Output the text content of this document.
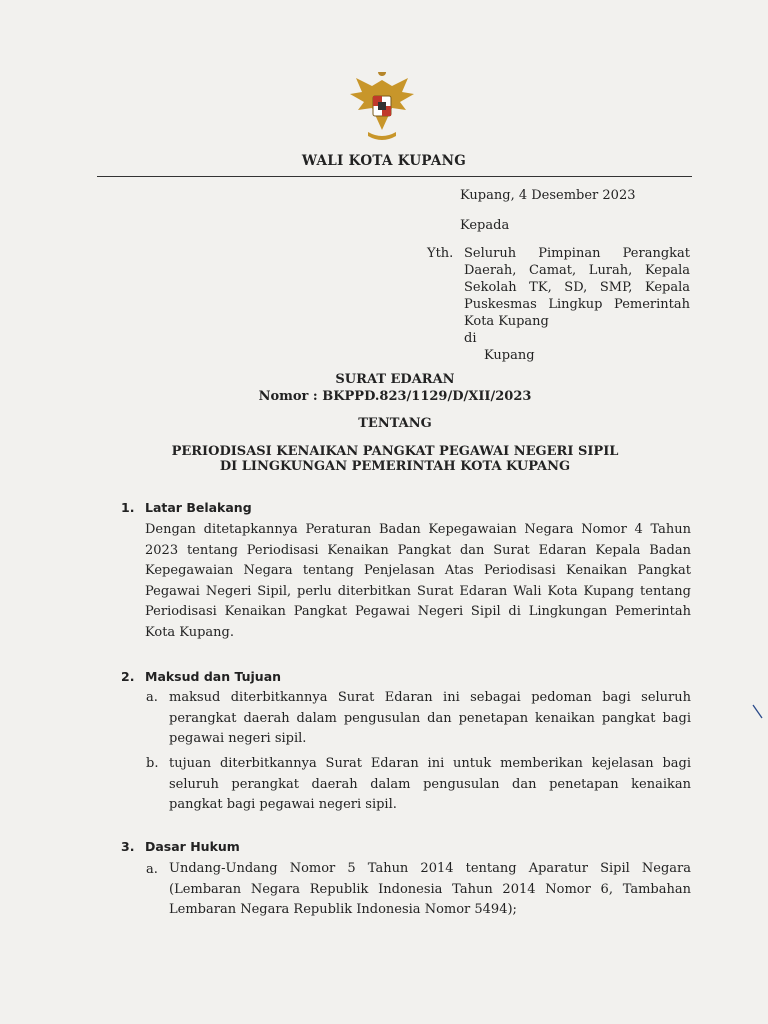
WALI KOTA KUPANG
Kupang, 4 Desember 2023
Kepada
Yth. Seluruh Pimpinan Perangkat
Daerah, Camat, Lurah, Kepala
Sekolah TK, SD, SMP, Kepala
Puskesmas Lingkup Pemerintah
Kota Kupang
di
Kupang
SURAT EDARAN
Nomor : BKPPD.823/1129/D/XII/2023
TENTANG
PERIODISASI KENAIKAN PANGKAT PEGAWAI NEGERI SIPIL
DI LINGKUNGAN PEMERINTAH KOTA KUPANG
1. Latar Belakang
Dengan ditetapkannya Peraturan Badan Kepegawaian Negara Nomor 4 Tahun
2023 tentang Periodisasi Kenaikan Pangkat dan Surat Edaran Kepala Badan
Kepegawaian Negara tentang Penjelasan Atas Periodisasi Kenaikan Pangkat
Pegawai Negeri Sipil, perlu diterbitkan Surat Edaran Wali Kota Kupang tentang
Periodisasi Kenaikan Pangkat Pegawai Negeri Sipil di Lingkungan Pemerintah
Kota Kupang.
2. Maksud dan Tujuan
a. maksud diterbitkannya Surat Edaran ini sebagai pedoman bagi seluruh
perangkat daerah dalam pengusulan dan penetapan kenaikan pangkat bagi
pegawai negeri sipil.
b. tujuan diterbitkannya Surat Edaran ini untuk memberikan kejelasan bagi
seluruh perangkat daerah dalam pengusulan dan penetapan kenaikan
pangkat bagi pegawai negeri sipil.
3. Dasar Hukum
a. Undang-Undang Nomor 5 Tahun 2014 tentang Aparatur Sipil Negara
(Lembaran Negara Republik Indonesia Tahun 2014 Nomor 6, Tambahan
Lembaran Negara Republik Indonesia Nomor 5494);
